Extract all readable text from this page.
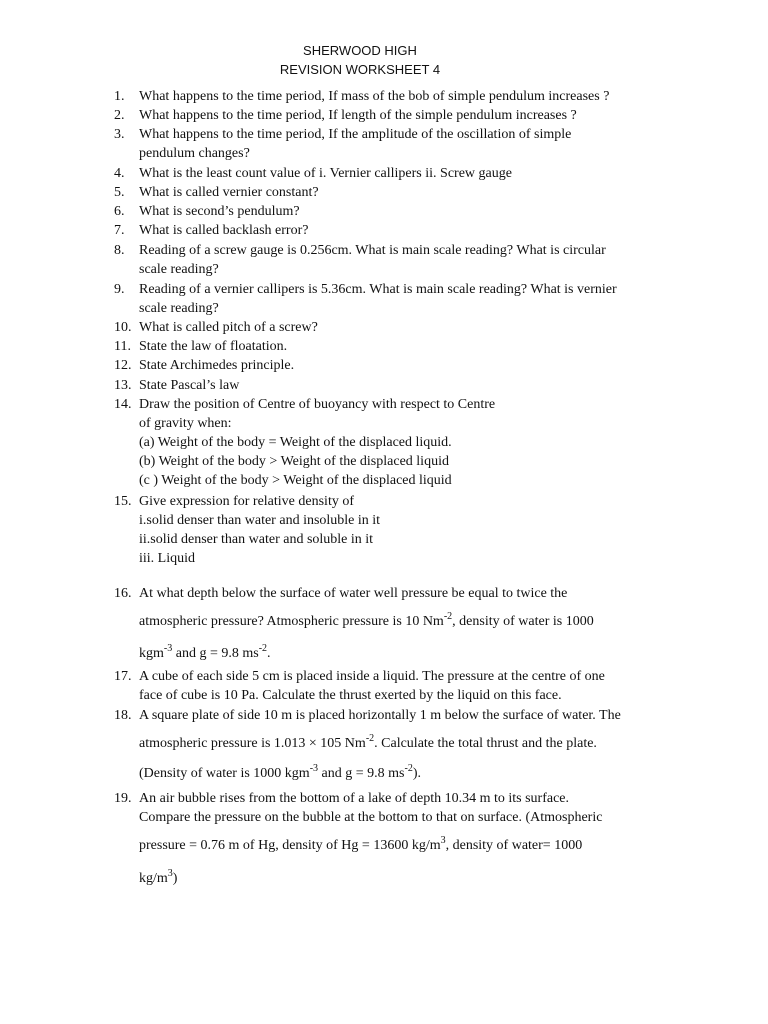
SHERWOOD HIGH
REVISION WORKSHEET 4
1.	What happens to the time period, If mass of the bob of simple pendulum increases ?
2.	What happens to the time period, If length of the simple pendulum increases ?
3.	What happens to the time period, If the amplitude of the oscillation of simple
pendulum changes?
4.	What is the least count value of i. Vernier callipers ii. Screw gauge
5.	What is called vernier constant?
6.	What is second’s pendulum?
7.	What is called backlash error?
8.	Reading of a screw gauge is 0.256cm. What is main scale reading? What is circular
scale reading?
9.	Reading of a vernier callipers is 5.36cm. What is main scale reading? What is vernier
scale reading?
10. What is called pitch of a screw?
11. State the law of floatation.
12. State Archimedes principle.
13. State Pascal’s law
14. Draw the position of Centre of buoyancy with respect to Centre
of gravity when:
(a) Weight of the body = Weight of the displaced liquid.
(b) Weight of the body > Weight of the displaced liquid
(c ) Weight of the body > Weight of the displaced liquid
15. Give expression for relative density of
i.solid denser than water and insoluble in it
ii.solid denser than water and soluble in it
iii. Liquid
16. At what depth below the surface of water well pressure be equal to twice the
atmospheric pressure? Atmospheric pressure is 10 $Nm^{-2}$, density of water is 1000
kgm$^{-3}$ and g = 9.8 $ms^{-2}$.
17. A cube of each side 5 cm is placed inside a liquid. The pressure at the centre of one
face of cube is 10 Pa. Calculate the thrust exerted by the liquid on this face.
18. A square plate of side 10 m is placed horizontally 1 m below the surface of water. The
atmospheric pressure is 1.013 × 105 $Nm^{-2}$. Calculate the total thrust and the plate.
(Density of water is 1000 kgm$^{-3}$ and g = 9.8 $ms^{-2}$).
19. An air bubble rises from the bottom of a lake of depth 10.34 m to its surface.
Compare the pressure on the bubble at the bottom to that on surface. (Atmospheric
pressure = 0.76 m of Hg, density of Hg = 13600 $kg/m^3$, density of water= 1000
$kg/m^3$)
